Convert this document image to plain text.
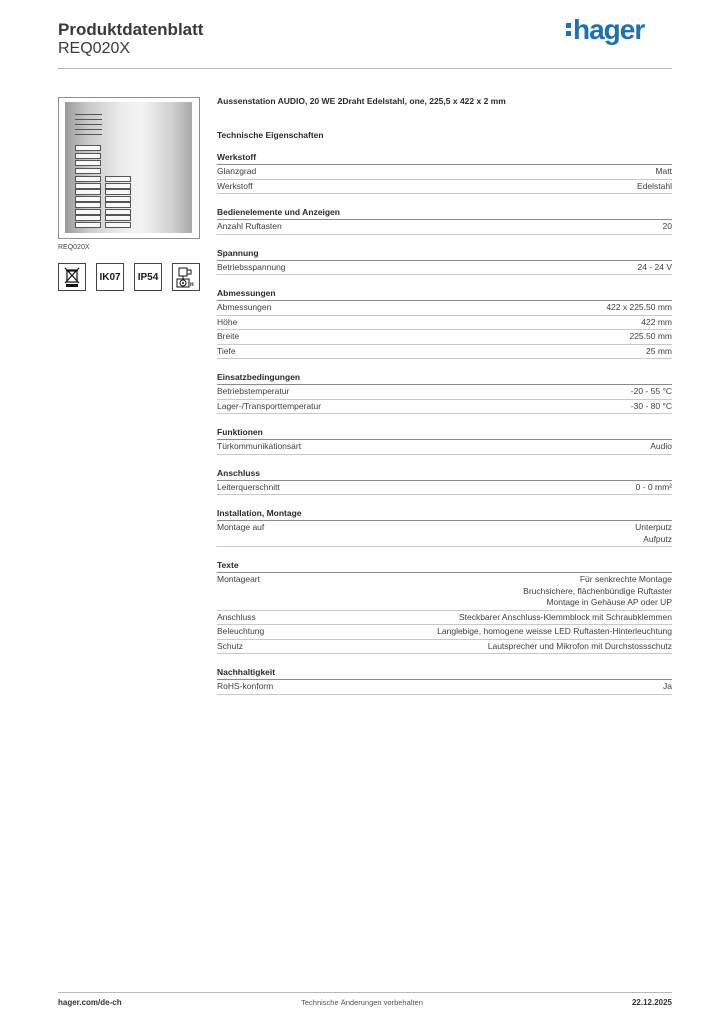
Produktdatenblatt
REQ020X
hager
REQ020X
IK07 IP54
n
Aussenstation AUDIO, 20 WE 2Draht Edelstahl, one, 225,5 x 422 x 2 mm
Technische Eigenschaften
Werkstoff
Glanzgrad	Matt
Werkstoff	Edelstahl
Bedienelemente und Anzeigen
Anzahl Ruftasten	20
Spannung
Betriebsspannung	24 - 24 V
Abmessungen
Abmessungen	422 x 225.50 mm
Höhe	422 mm
Breite	225.50 mm
Tiefe	25 mm
Einsatzbedingungen
Betriebstemperatur	-20 - 55 °C
Lager-/Transporttemperatur	-30 - 80 °C
Funktionen
Türkommunikationsart	Audio
Anschluss
Leiterquerschnitt	0 - 0 mm²
Installation, Montage
Montage auf	Unterputz
Aufputz
Texte
Montageart	Für senkrechte Montage
Bruchsichere, flächenbündige Ruftaster
Montage in Gehäuse AP oder UP
Anschluss	Steckbarer Anschluss-Klemmblock mit Schraubklemmen
Beleuchtung	Langlebige, homogene weisse LED Ruftasten-Hinterleuchtung
Schutz	Lautsprecher und Mikrofon mit Durchstossschutz
Nachhaltigkeit
RoHS-konform	Ja
hager.com/de-ch	Technische Änderungen vorbehalten	22.12.2025
